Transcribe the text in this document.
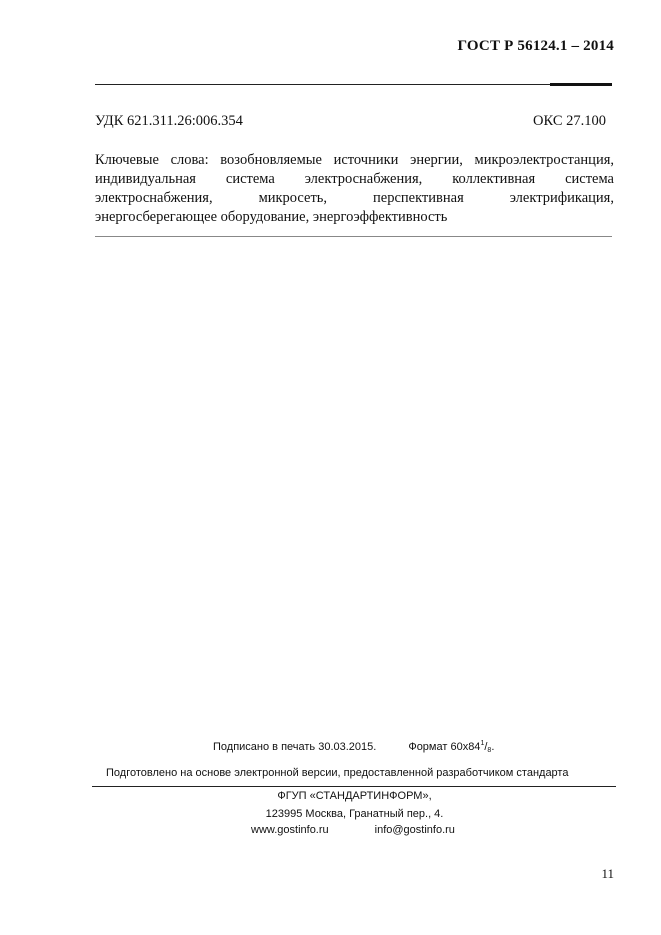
ГОСТ Р 56124.1 – 2014
УДК 621.311.26:006.354	ОКС 27.100
Ключевые слова: возобновляемые источники энергии, микроэлектростанция,
индивидуальная система электроснабжения, коллективная система
электроснабжения,	микросеть,	перспективная	электрификация,
энергосберегающее оборудование, энергоэффективность
Подписано в печать 30.03.2015.	Формат $60х84^1/_8$.
Подготовлено на основе электронной версии, предоставленной разработчиком стандарта
ФГУП «СТАНДАРТИНФОРМ»,
123995 Москва, Гранатный пер., 4.
www.gostinfo.ru	info@gostinfo.ru
11
